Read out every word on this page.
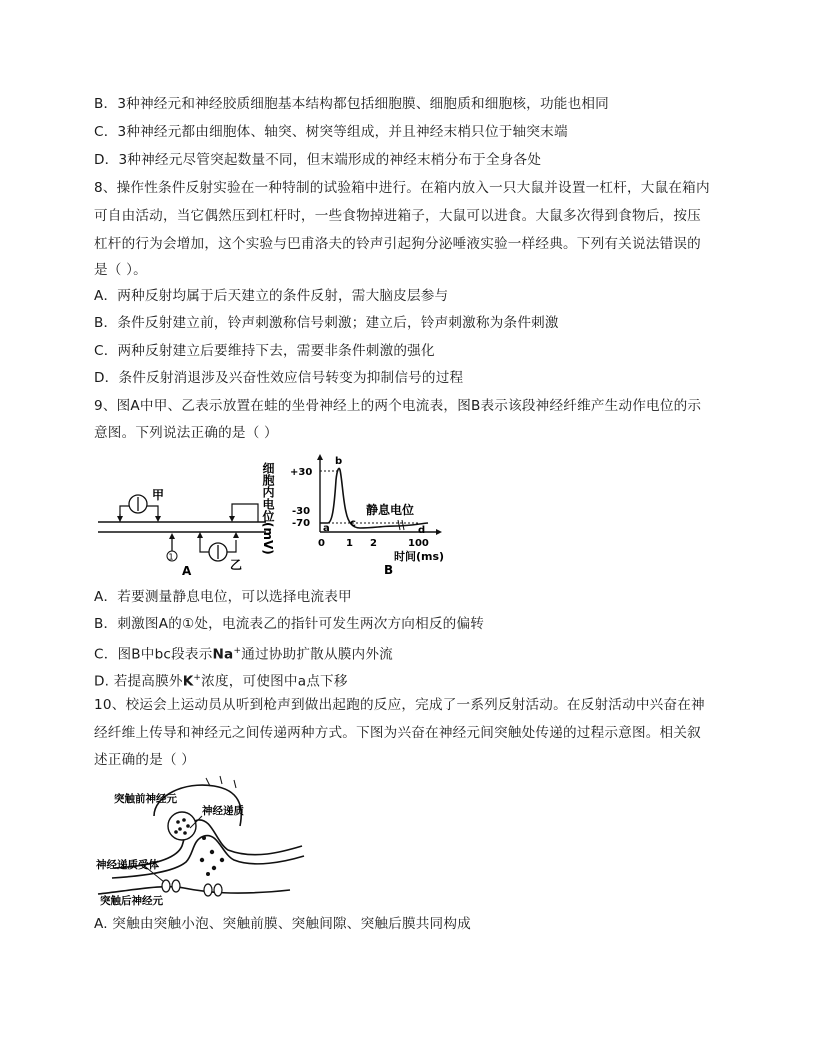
B．3种神经元和神经胶质细胞基本结构都包括细胞膜、细胞质和细胞核，功能也相同
C．3种神经元都由细胞体、轴突、树突等组成，并且神经末梢只位于轴突末端
D．3种神经元尽管突起数量不同，但末端形成的神经末梢分布于全身各处
8、操作性条件反射实验在一种特制的试验箱中进行。在箱内放入一只大鼠并设置一杠杆，大鼠在箱内
可自由活动，当它偶然压到杠杆时，一些食物掉进箱子，大鼠可以进食。大鼠多次得到食物后，按压
杠杆的行为会增加，这个实验与巴甫洛夫的铃声引起狗分泌唾液实验一样经典。下列有关说法错误的
是（ ）。
A．两种反射均属于后天建立的条件反射，需大脑皮层参与
B．条件反射建立前，铃声刺激称信号刺激；建立后，铃声刺激称为条件刺激
C．两种反射建立后要维持下去，需要非条件刺激的强化
D．条件反射消退涉及兴奋性效应信号转变为抑制信号的过程
9、图A中甲、乙表示放置在蛙的坐骨神经上的两个电流表，图B表示该段神经纤维产生动作电位的示
意图。下列说法正确的是（ ）
甲
1
乙
A
细胞内电位(mV) +30
-30
-70 a
b
c
d
静息电位
0 1 2	100
时间(ms)
B
A．若要测量静息电位，可以选择电流表甲
B．刺激图A的①处，电流表乙的指针可发生两次方向相反的偏转
C．图B中bc段表示Na+通过协助扩散从膜内外流
D. 若提高膜外K+浓度，可使图中a点下移
10、校运会上运动员从听到枪声到做出起跑的反应，完成了一系列反射活动。在反射活动中兴奋在神
经纤维上传导和神经元之间传递两种方式。下图为兴奋在神经元间突触处传递的过程示意图。相关叙
述正确的是（ ）
突触前神经元
神经递质
神经递质受体
突触后神经元
A. 突触由突触小泡、突触前膜、突触间隙、突触后膜共同构成
